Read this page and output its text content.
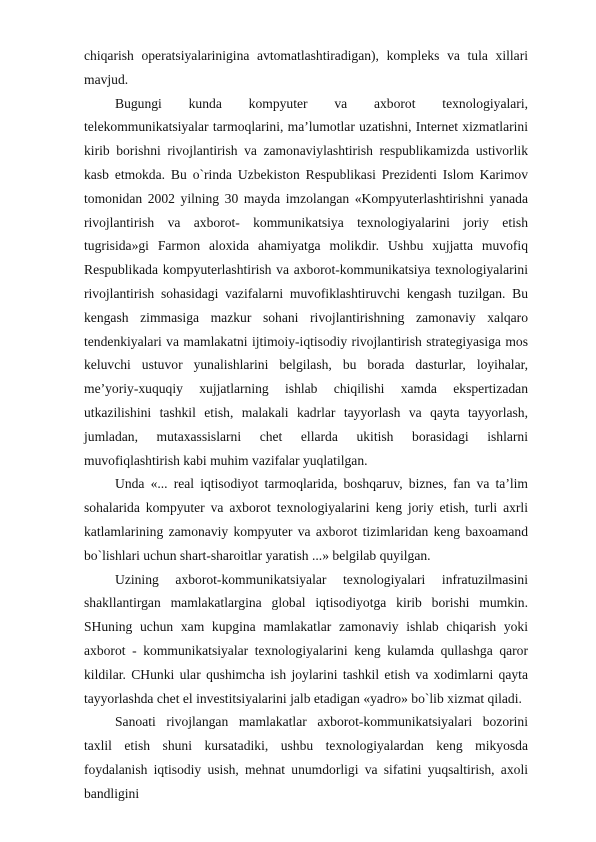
chiqarish operatsiyalarinigina avtomatlashtiradigan), kompleks va tula xillari mavjud.

Bugungi kunda kompyuter va axborot texnologiyalari, telekommunikatsiyalar tarmoqlarini, ma’lumotlar uzatishni, Internet xizmatlarini kirib borishni rivojlantirish va zamonaviylashtirish respublikamizda ustivorlik kasb etmokda. Bu o`rinda Uzbekiston Respublikasi Prezidenti Islom Karimov tomonidan 2002 yilning 30 mayda imzolangan «Kompyuterlashtirishni yanada rivojlantirish va axborot- kommunikatsiya texnologiyalarini joriy etish tugrisida»gi Farmon aloxida ahamiyatga molikdir. Ushbu xujjatta muvofiq Respublikada kompyuterlashtirish va axborot-kommunikatsiya texnologiyalarini rivojlantirish sohasidagi vazifalarni muvofiklashtiruvchi kengash tuzilgan. Bu kengash zimmasiga mazkur sohani rivojlantirishning zamonaviy xalqaro tendenkiyalari va mamlakatni ijtimoiy-iqtisodiy rivojlantirish strategiyasiga mos keluvchi ustuvor yunalishlarini belgilash, bu borada dasturlar, loyihalar, me’yoriy-xuquqiy xujjatlarning ishlab chiqilishi xamda ekspertizadan utkazilishini tashkil etish, malakali kadrlar tayyorlash va qayta tayyorlash, jumladan, mutaxassislarni chet ellarda ukitish borasidagi ishlarni muvofiqlashtirish kabi muhim vazifalar yuqlatilgan.

Unda «... real iqtisodiyot tarmoqlarida, boshqaruv, biznes, fan va ta’lim sohalarida kompyuter va axborot texnologiyalarini keng joriy etish, turli axrli katlamlarining zamonaviy kompyuter va axborot tizimlaridan keng baxoamand bo`lishlari uchun shart-sharoitlar yaratish ...» belgilab quyilgan.

Uzining axborot-kommunikatsiyalar texnologiyalari infratuzilmasini shakllantirgan mamlakatlargina global iqtisodiyotga kirib borishi mumkin. SHuning uchun xam kupgina mamlakatlar zamonaviy ishlab chiqarish yoki axborot - kommunikatsiyalar texnologiyalarini keng kulamda qullashga qaror kildilar. CHunki ular qushimcha ish joylarini tashkil etish va xodimlarni qayta tayyorlashda chet el investitsiyalarini jalb etadigan «yadro» bo`lib xizmat qiladi.

Sanoati rivojlangan mamlakatlar axborot-kommunikatsiyalari bozorini taxlil etish shuni kursatadiki, ushbu texnologiyalardan keng mikyosda foydalanish iqtisodiy usish, mehnat unumdorligi va sifatini yuqsaltirish, axoli bandligini
